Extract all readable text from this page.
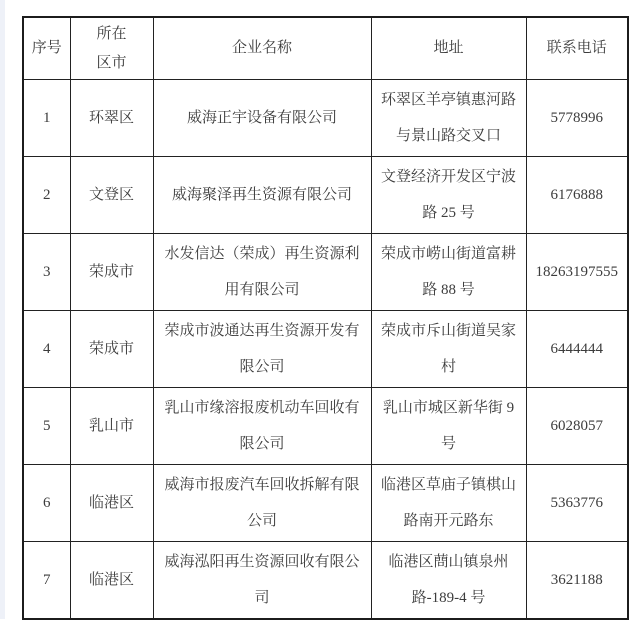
序号	所在区市	企业名称	地址	联系电话
1	环翠区	威海正宇设备有限公司	环翠区羊亭镇惠河路与景山路交叉口	5778996
2	文登区	威海聚泽再生资源有限公司	文登经济开发区宁波路 25 号	6176888
3	荣成市	水发信达（荣成）再生资源利用有限公司	荣成市崂山街道富耕路 88 号	18263197555
4	荣成市	荣成市波通达再生资源开发有限公司	荣成市斥山街道吴家村	6444444
5	乳山市	乳山市缘溶报废机动车回收有限公司	乳山市城区新华街 9 号	6028057
6	临港区	威海市报废汽车回收拆解有限公司	临港区草庙子镇棋山路南开元路东	5363776
7	临港区	威海泓阳再生资源回收有限公司	临港区蔄山镇泉州路-189-4 号	3621188
